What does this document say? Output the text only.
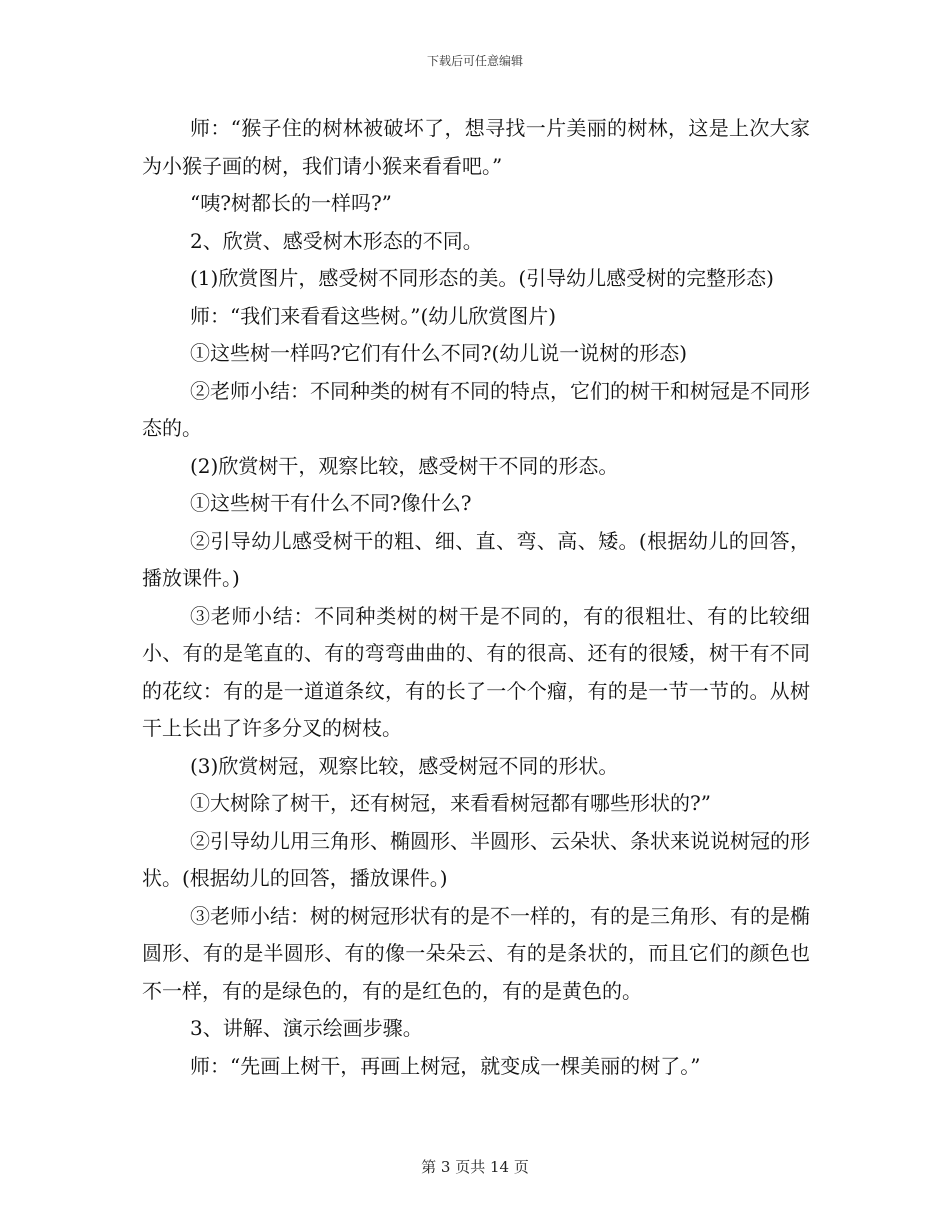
下载后可任意编辑

师：“猴子住的树林被破坏了，想寻找一片美丽的树林，这是上次大家为小猴子画的树，我们请小猴来看看吧。”

“咦?树都长的一样吗?”

2、欣赏、感受树木形态的不同。

(1)欣赏图片，感受树不同形态的美。(引导幼儿感受树的完整形态)

师：“我们来看看这些树。”(幼儿欣赏图片)

①这些树一样吗?它们有什么不同?(幼儿说一说树的形态)

②老师小结：不同种类的树有不同的特点，它们的树干和树冠是不同形态的。

(2)欣赏树干，观察比较，感受树干不同的形态。

①这些树干有什么不同?像什么?

②引导幼儿感受树干的粗、细、直、弯、高、矮。(根据幼儿的回答，播放课件。)

③老师小结：不同种类树的树干是不同的，有的很粗壮、有的比较细小、有的是笔直的、有的弯弯曲曲的、有的很高、还有的很矮，树干有不同的花纹：有的是一道道条纹，有的长了一个个瘤，有的是一节一节的。从树干上长出了许多分叉的树枝。

(3)欣赏树冠，观察比较，感受树冠不同的形状。

①大树除了树干，还有树冠，来看看树冠都有哪些形状的?”

②引导幼儿用三角形、椭圆形、半圆形、云朵状、条状来说说树冠的形状。(根据幼儿的回答，播放课件。)

③老师小结：树的树冠形状有的是不一样的，有的是三角形、有的是椭圆形、有的是半圆形、有的像一朵朵云、有的是条状的，而且它们的颜色也不一样，有的是绿色的，有的是红色的，有的是黄色的。

3、讲解、演示绘画步骤。

师：“先画上树干，再画上树冠，就变成一棵美丽的树了。”

第 3 页共 14 页
